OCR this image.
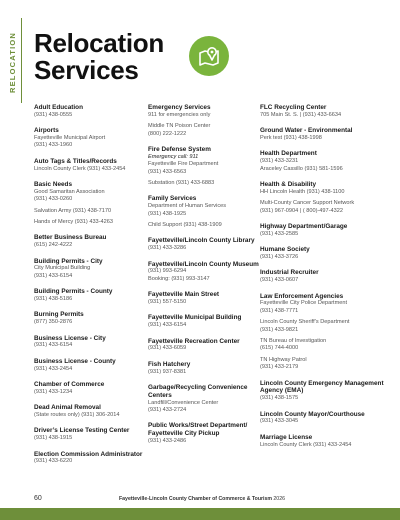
RELOCATION Relocation
Services
Adult Education
(931) 438-0555
Airports
Fayetteville Municipal Airport
(931) 433-1960
Auto Tags & Titles/Records
Lincoln County Clerk (931) 433-2454
Basic Needs
Good Samaritan Association
(931) 433-0260
Salvation Army (931) 438-7170
Hands of Mercy (931) 433-4263
Better Business Bureau
(615) 242-4222
Building Permits - City
City Municipal Building
(931) 433-6154
Building Permits - County
(931) 438-5186
Burning Permits
(877) 350-2876
Business License - City
(931) 433-6154
Business License - County
(931) 433-2454
Chamber of Commerce
(931) 433-1234
Dead Animal Removal
(State routes only) (931) 306-2014
Driver’s License Testing Center
(931) 438-1915
Election Commission Administrator
(931) 433-6220
Emergency Services
911 for emergencies only
Middle TN Poison Center
(800) 222-1222
Fire Defense System
Emergency call: 911
Fayetteville Fire Department
(931) 433-6563
Substation (931) 433-6883
Family Services
Department of Human Services
(931) 438-1925
Child Support (931) 438-1909
Fayetteville/Lincoln County Library
(931) 433-3286
Fayetteville/Lincoln County Museum
(931) 993-6294
Booking: (931) 993-3147
Fayetteville Main Street
(931) 557-5150
Fayetteville Municipal Building
(931) 433-6154
Fayetteville Recreation Center
(931) 433-6059
Fish Hatchery
(931) 937-8381
Garbage/Recycling Convenience Centers
Landfill/Convenience Center
(931) 433-2724
Public Works/Street Department/ Fayetteville City Pickup
(931) 433-2486
FLC Recycling Center
705 Main St. S. | (931) 433-6634
Ground Water - Environmental
Perk test (931) 438-1998
Health Department
(931) 433-3231
Araceley Cassillo (931) 581-1596
Health & Disability
HH Lincoln Health (931) 438-1100
Multi-County Cancer Support Network
(931) 967-0904 | ( 800)-497-4322
Highway Department/Garage
(931) 433-2585
Humane Society
(931) 433-3726
Industrial Recruiter
(931) 433-0607
Law Enforcement Agencies
Fayetteville City Police Department
(931) 438-7771
Lincoln County Sheriff’s Department
(931) 433-9821
TN Bureau of Investigation
(615) 744-4000
TN Highway Patrol
(931) 433-2179
Lincoln County Emergency Management Agency (EMA)
(931) 438-1575
Lincoln County Mayor/Courthouse
(931) 433-3045
Marriage License
Lincoln County Clerk (931) 433-2454
60	Fayetteville-Lincoln County Chamber of Commerce & Tourism 2026
